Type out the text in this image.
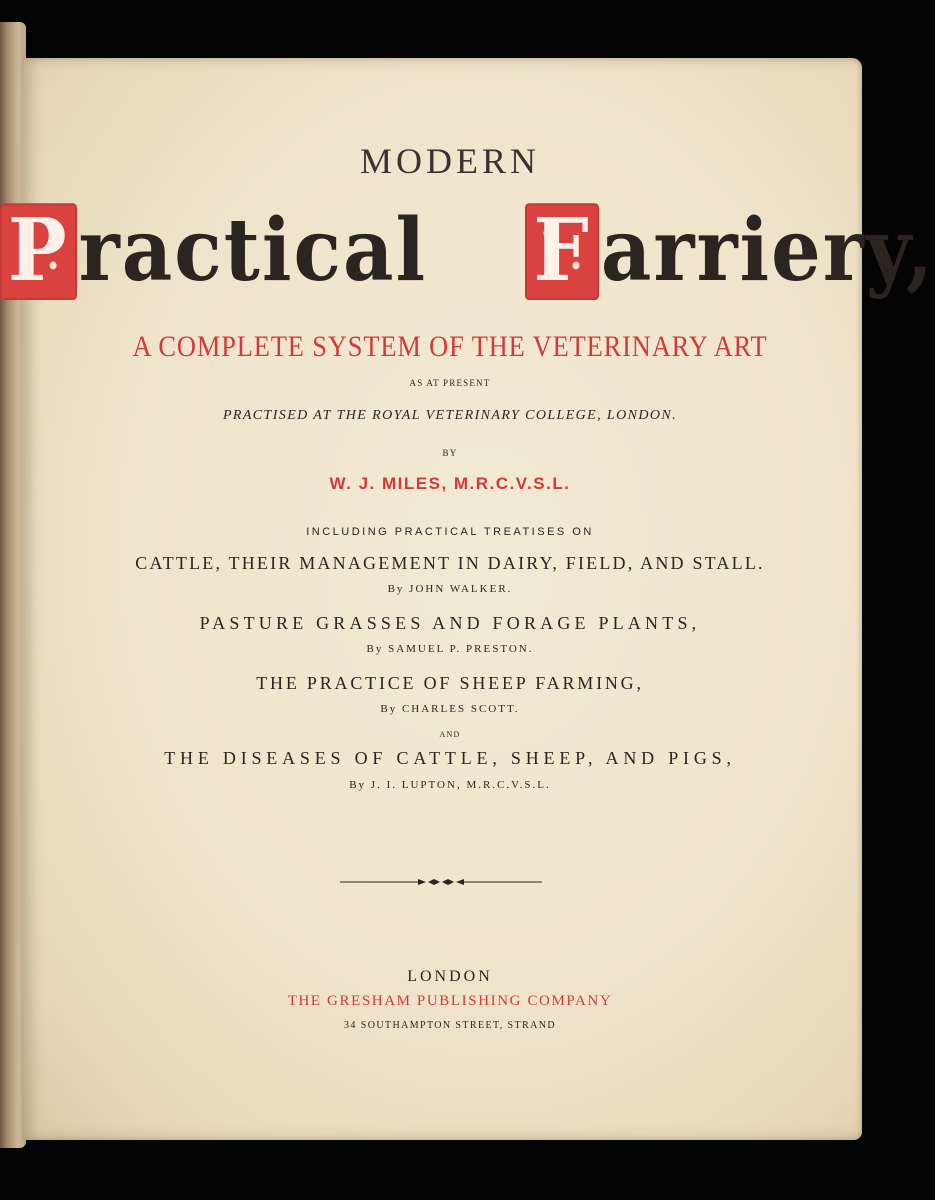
MODERN
P ractical F arriery,
A COMPLETE SYSTEM OF THE VETERINARY ART
AS AT PRESENT
PRACTISED AT THE ROYAL VETERINARY COLLEGE, LONDON.
BY
W. J. MILES, M.R.C.V.S.L.
INCLUDING PRACTICAL TREATISES ON
CATTLE, THEIR MANAGEMENT IN DAIRY, FIELD, AND STALL.
By JOHN WALKER.
PASTURE GRASSES AND FORAGE PLANTS,
By SAMUEL P. PRESTON.
THE PRACTICE OF SHEEP FARMING,
By CHARLES SCOTT.
AND
THE DISEASES OF CATTLE, SHEEP, AND PIGS,
By J. I. LUPTON, M.R.C.V.S.L.
LONDON
THE GRESHAM PUBLISHING COMPANY
34 SOUTHAMPTON STREET, STRAND
